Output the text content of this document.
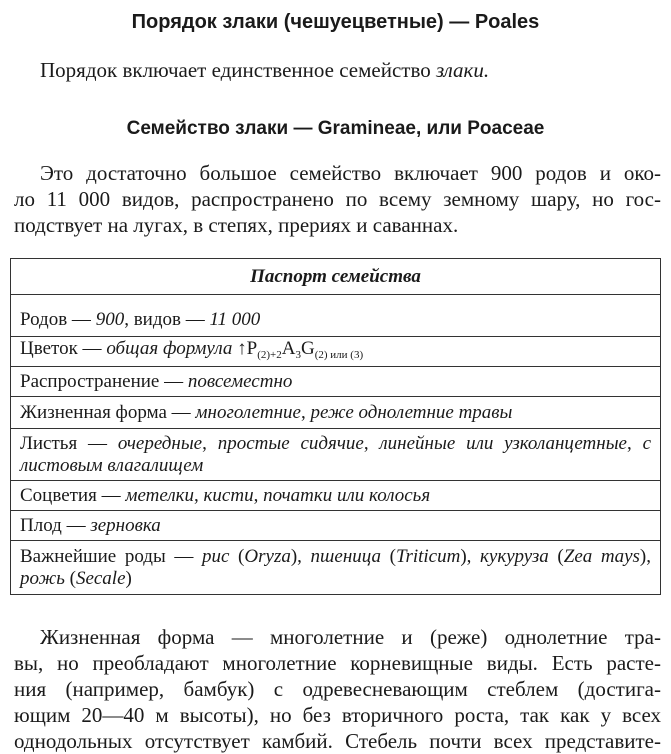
Порядок злаки (чешуецветные) — Poales
Порядок включает единственное семейство злаки.
Семейство злаки — Gramineae, или Poaceae
Это достаточно большое семейство включает 900 родов и око-
ло 11 000 видов, распространено по всему земному шару, но гос-
подствует на лугах, в степях, прериях и саваннах.
Паспорт семейства
Родов — 900, видов — 11 000
Цветок — общая формула $↑P_{(2)+2}A_3G_{(2) или (3)}$
Распространение — повсеместно
Жизненная форма — многолетние, реже однолетние травы

Листья — очередные, простые сидячие, линейные или узколанцетные, с
листовым влагалищем

Соцветия — метелки, кисти, початки или колосья
Плод — зерновка

Важнейшие роды — рис (Oryza), пшеница (Triticum), кукуруза (Zea mays),
рожь (Secale)
Жизненная форма — многолетние и (реже) однолетние тра-
вы, но преобладают многолетние корневищные виды. Есть расте-
ния (например, бамбук) с одревесневающим стеблем (достига-
ющим 20—40 м высоты), но без вторичного роста, так как у всех
однодольных отсутствует камбий. Стебель почти всех представите-
